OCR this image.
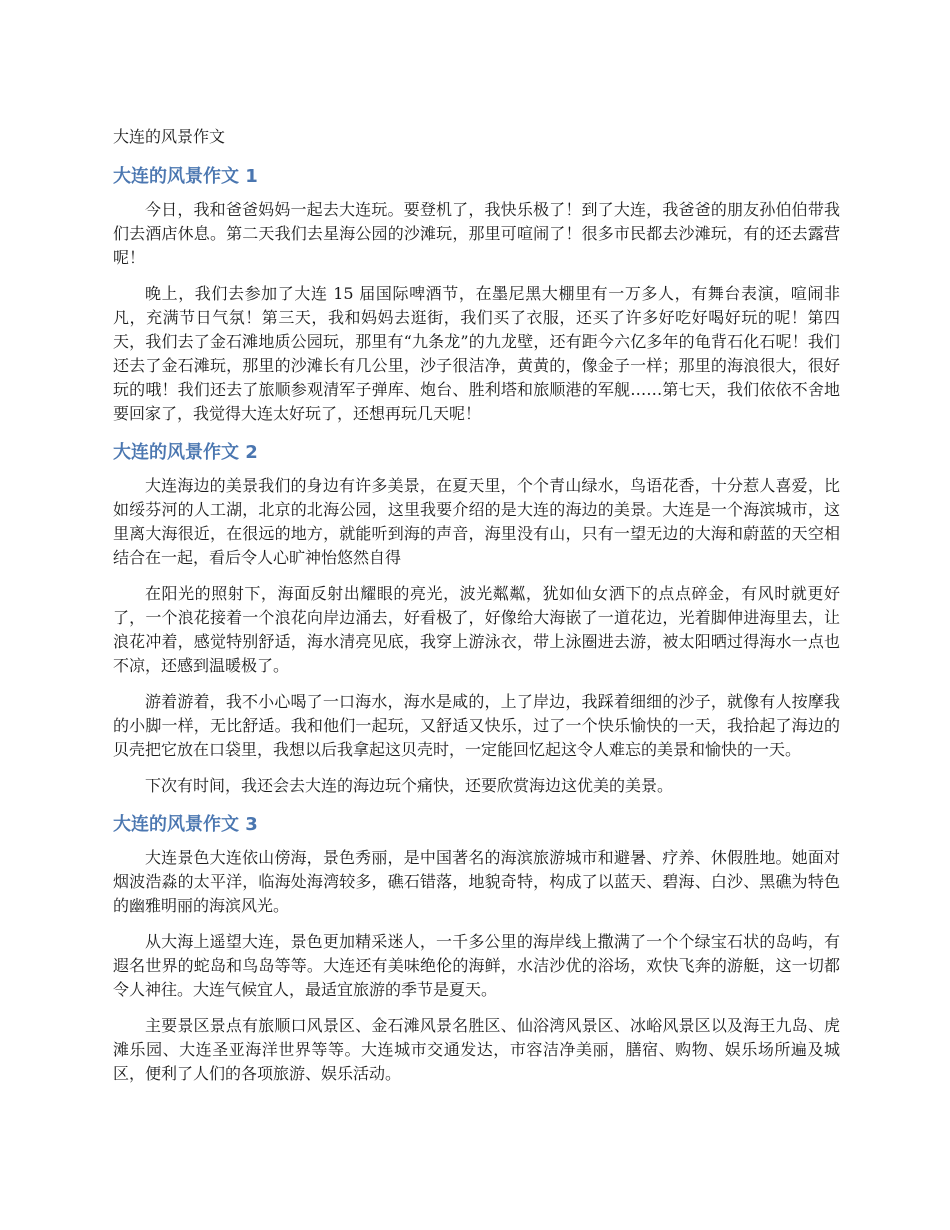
大连的风景作文
大连的风景作文 1

今日，我和爸爸妈妈一起去大连玩。要登机了，我快乐极了！到了大连，我爸爸的朋友孙伯伯带我们去酒店休息。第二天我们去星海公园的沙滩玩，那里可喧闹了！很多市民都去沙滩玩，有的还去露营呢！

晚上，我们去参加了大连 15 届国际啤酒节，在墨尼黑大棚里有一万多人，有舞台表演，喧闹非凡，充满节日气氛！第三天，我和妈妈去逛街，我们买了衣服，还买了许多好吃好喝好玩的呢！第四天，我们去了金石滩地质公园玩，那里有“九条龙”的九龙壁，还有距今六亿多年的龟背石化石呢！我们还去了金石滩玩，那里的沙滩长有几公里，沙子很洁净，黄黄的，像金子一样；那里的海浪很大，很好玩的哦！我们还去了旅顺参观清军子弹库、炮台、胜利塔和旅顺港的军舰……第七天，我们依依不舍地要回家了，我觉得大连太好玩了，还想再玩几天呢！

大连的风景作文 2

大连海边的美景我们的身边有许多美景，在夏天里，个个青山绿水，鸟语花香，十分惹人喜爱，比如绥芬河的人工湖，北京的北海公园，这里我要介绍的是大连的海边的美景。大连是一个海滨城市，这里离大海很近，在很远的地方，就能听到海的声音，海里没有山，只有一望无边的大海和蔚蓝的天空相结合在一起，看后令人心旷神怡悠然自得

在阳光的照射下，海面反射出耀眼的亮光，波光粼粼，犹如仙女洒下的点点碎金，有风时就更好了，一个浪花接着一个浪花向岸边涌去，好看极了，好像给大海嵌了一道花边，光着脚伸进海里去，让浪花冲着，感觉特别舒适，海水清亮见底，我穿上游泳衣，带上泳圈进去游，被太阳晒过得海水一点也不凉，还感到温暖极了。

游着游着，我不小心喝了一口海水，海水是咸的，上了岸边，我踩着细细的沙子，就像有人按摩我的小脚一样，无比舒适。我和他们一起玩，又舒适又快乐，过了一个快乐愉快的一天，我拾起了海边的贝壳把它放在口袋里，我想以后我拿起这贝壳时，一定能回忆起这令人难忘的美景和愉快的一天。

下次有时间，我还会去大连的海边玩个痛快，还要欣赏海边这优美的美景。

大连的风景作文 3

大连景色大连依山傍海，景色秀丽，是中国著名的海滨旅游城市和避暑、疗养、休假胜地。她面对烟波浩淼的太平洋，临海处海湾较多，礁石错落，地貌奇特，构成了以蓝天、碧海、白沙、黑礁为特色的幽雅明丽的海滨风光。

从大海上遥望大连，景色更加精采迷人，一千多公里的海岸线上撒满了一个个绿宝石状的岛屿，有遐名世界的蛇岛和鸟岛等等。大连还有美味绝伦的海鲜，水洁沙优的浴场，欢快飞奔的游艇，这一切都令人神往。大连气候宜人，最适宜旅游的季节是夏天。

主要景区景点有旅顺口风景区、金石滩风景名胜区、仙浴湾风景区、冰峪风景区以及海王九岛、虎滩乐园、大连圣亚海洋世界等等。大连城市交通发达，市容洁净美丽，膳宿、购物、娱乐场所遍及城区，便利了人们的各项旅游、娱乐活动。
